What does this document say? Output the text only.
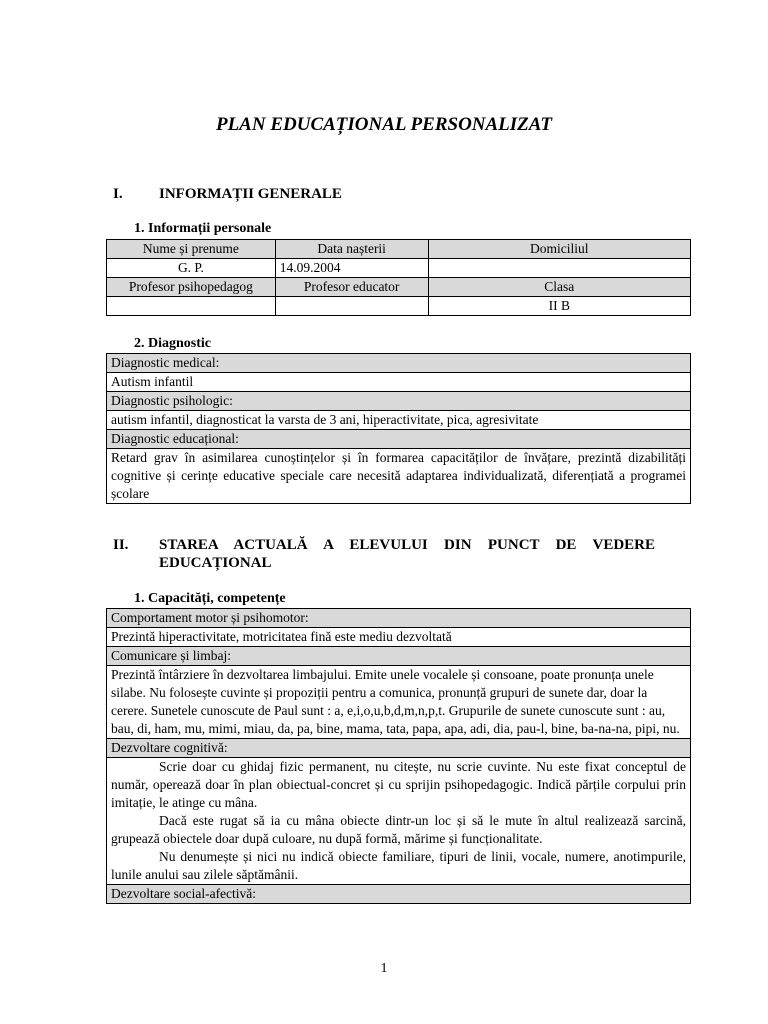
PLAN EDUCAȚIONAL PERSONALIZAT
I. INFORMAȚII GENERALE
1. Informații personale
Nume și prenume	Data nașterii	Domiciliul
G. P.	14.09.2004	
Profesor psihopedagog	Profesor educator	Clasa
		II B
2. Diagnostic
Diagnostic medical:
Autism infantil
Diagnostic psihologic:
autism infantil, diagnosticat la varsta de 3 ani, hiperactivitate, pica, agresivitate
Diagnostic educațional:
Retard grav în asimilarea cunoștințelor și în formarea capacităților de învățare, prezintă dizabilități cognitive și cerințe educative speciale care necesită adaptarea individualizată, diferențiată a programei școlare
II. STAREA  ACTUALĂ  A  ELEVULUI  DIN  PUNCT  DE  VEDERE
EDUCAȚIONAL
1. Capacități, competențe
Comportament motor și psihomotor:
Prezintă hiperactivitate, motricitatea fină este mediu dezvoltată
Comunicare și limbaj:
Prezintă întârziere în dezvoltarea limbajului. Emite unele vocalele și consoane, poate pronunța unele silabe. Nu folosește cuvinte și propoziții pentru a comunica, pronunță grupuri de sunete dar, doar la cerere. Sunetele cunoscute de Paul sunt : a, e,i,o,u,b,d,m,n,p,t. Grupurile de sunete cunoscute sunt : au, bau, di, ham, mu, mimi, miau, da, pa, bine, mama, tata, papa, apa, adi, dia, pau-l, bine, ba-na-na, pipi, nu.
Dezvoltare cognitivă:

Scrie doar cu ghidaj fizic permanent, nu citește, nu scrie cuvinte. Nu este fixat conceptul de număr, operează doar în plan obiectual-concret și cu sprijin psihopedagogic. Indică părțile corpului prin imitație, le atinge cu mâna.

Dacă este rugat să ia cu mâna obiecte dintr-un loc și să le mute în altul realizează sarcină, grupează obiectele doar după culoare, nu după formă, mărime și funcționalitate.

Nu denumește și nici nu indică obiecte familiare, tipuri de linii, vocale, numere, anotimpurile, lunile anului sau zilele săptămânii.

Dezvoltare social-afectivă:
1
